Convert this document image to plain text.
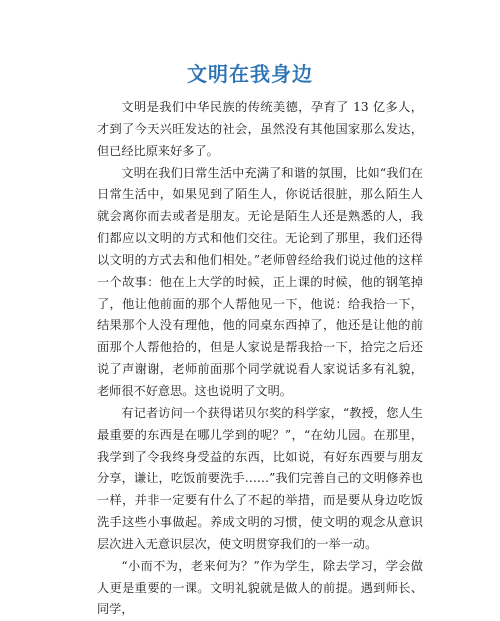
文明在我身边

文明是我们中华民族的传统美德，孕育了 13 亿多人，才到了今天兴旺发达的社会，虽然没有其他国家那么发达，但已经比原来好多了。

文明在我们日常生活中充满了和谐的氛围，比如“我们在日常生活中，如果见到了陌生人，你说话很脏，那么陌生人就会离你而去或者是朋友。无论是陌生人还是熟悉的人，我们都应以文明的方式和他们交往。无论到了那里，我们还得以文明的方式去和他们相处。”老师曾经给我们说过他的这样一个故事：他在上大学的时候，正上课的时候，他的钢笔掉了，他让他前面的那个人帮他见一下，他说：给我拾一下，结果那个人没有理他，他的同桌东西掉了，他还是让他的前面那个人帮他拾的，但是人家说是帮我拾一下，拾完之后还说了声谢谢，老师前面那个同学就说看人家说话多有礼貌，老师很不好意思。这也说明了文明。

有记者访问一个获得诺贝尔奖的科学家，“教授，您人生最重要的东西是在哪儿学到的呢？”，“在幼儿园。在那里，我学到了令我终身受益的东西，比如说，有好东西要与朋友分享，谦让，吃饭前要洗手……”我们完善自己的文明修养也一样，并非一定要有什么了不起的举措，而是要从身边吃饭洗手这些小事做起。养成文明的习惯，使文明的观念从意识层次进入无意识层次，使文明贯穿我们的一举一动。

“小而不为，老来何为？”作为学生，除去学习，学会做人更是重要的一课。文明礼貌就是做人的前提。遇到师长、同学，
